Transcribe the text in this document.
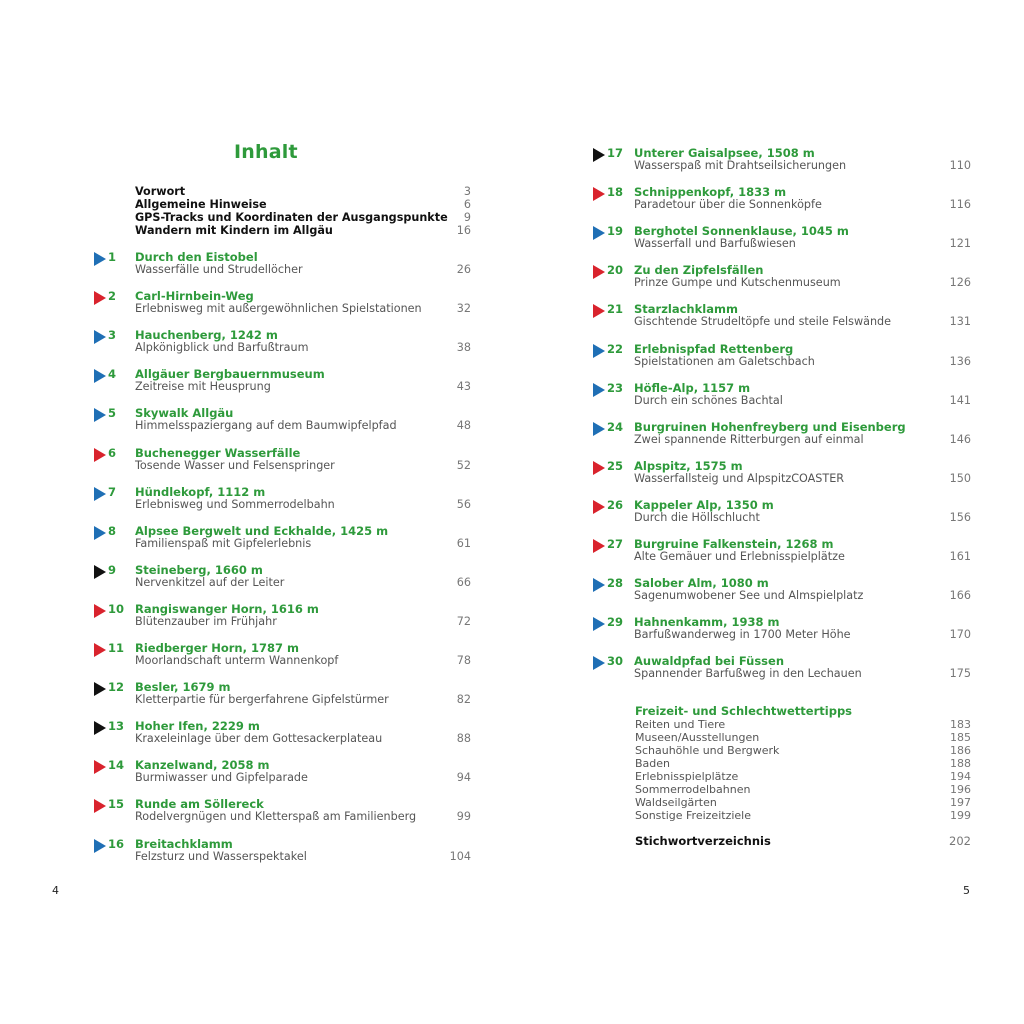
Inhalt
Vorwort	3
Allgemeine Hinweise	6
GPS-Tracks und Koordinaten der Ausgangspunkte 9
Wandern mit Kindern im Allgäu	16
1 Durch den Eistobel
Wasserfälle und Strudellöcher	26
2 Carl-Hirnbein-Weg
Erlebnisweg mit außergewöhnlichen Spielstationen	32
3 Hauchenberg, 1242 m
Alpkönigblick und Barfußtraum	38
4 Allgäuer Bergbauernmuseum
Zeitreise mit Heusprung	43
5 Skywalk Allgäu
Himmelsspaziergang auf dem Baumwipfelpfad	48
6 Buchenegger Wasserfälle
Tosende Wasser und Felsenspringer	52
7 Hündlekopf, 1112 m
Erlebnisweg und Sommerrodelbahn	56
8 Alpsee Bergwelt und Eckhalde, 1425 m
Familienspaß mit Gipfelerlebnis	61
9 Steineberg, 1660 m
Nervenkitzel auf der Leiter	66
10 Rangiswanger Horn, 1616 m
Blütenzauber im Frühjahr	72
11 Riedberger Horn, 1787 m
Moorlandschaft unterm Wannenkopf	78
12 Besler, 1679 m
Kletterpartie für bergerfahrene Gipfelstürmer	82
13 Hoher Ifen, 2229 m
Kraxeleinlage über dem Gottesackerplateau	88
14 Kanzelwand, 2058 m
Burmiwasser und Gipfelparade	94
15 Runde am Söllereck
Rodelvergnügen und Kletterspaß am Familienberg	99
16 Breitachklamm
Felzsturz und Wasserspektakel	104
17 Unterer Gaisalpsee, 1508 m
Wasserspaß mit Drahtseilsicherungen	110
18 Schnippenkopf, 1833 m
Paradetour über die Sonnenköpfe	116
19 Berghotel Sonnenklause, 1045 m
Wasserfall und Barfußwiesen	121
20 Zu den Zipfelsfällen
Prinze Gumpe und Kutschenmuseum	126
21 Starzlachklamm
Gischtende Strudeltöpfe und steile Felswände	131
22 Erlebnispfad Rettenberg
Spielstationen am Galetschbach	136
23 Höfle-Alp, 1157 m
Durch ein schönes Bachtal	141
24 Burgruinen Hohenfreyberg und Eisenberg
Zwei spannende Ritterburgen auf einmal	146
25 Alpspitz, 1575 m
Wasserfallsteig und AlpspitzCOASTER	150
26 Kappeler Alp, 1350 m
Durch die Höllschlucht	156
27 Burgruine Falkenstein, 1268 m
Alte Gemäuer und Erlebnisspielplätze	161
28 Salober Alm, 1080 m
Sagenumwobener See und Almspielplatz	166
29 Hahnenkamm, 1938 m
Barfußwanderweg in 1700 Meter Höhe	170
30 Auwaldpfad bei Füssen
Spannender Barfußweg in den Lechauen	175
Freizeit- und Schlechtwettertipps
Reiten und Tiere	183
Museen/Ausstellungen	185
Schauhöhle und Bergwerk	186
Baden	188
Erlebnisspielplätze	194
Sommerrodelbahnen	196
Waldseilgärten	197
Sonstige Freizeitziele	199
Stichwortverzeichnis	202
4	5
